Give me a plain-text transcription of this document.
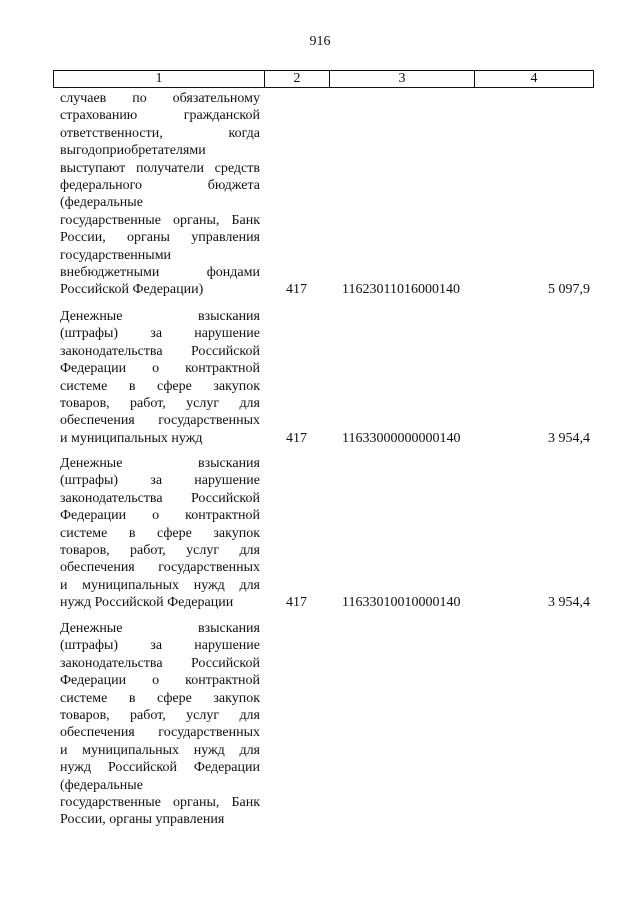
916
1	2	3	4
случаев по обязательному
страхованию гражданской
ответственности, когда
выгодоприобретателями
выступают получатели средств
федерального бюджета
(федеральные
государственные органы, Банк
России, органы управления
государственными
внебюджетными фондами
Российской Федерации)	417	11623011016000140	5 097,9
Денежные взыскания
(штрафы) за нарушение
законодательства Российской
Федерации о контрактной
системе в сфере закупок
товаров, работ, услуг для
обеспечения государственных
и муниципальных нужд	417	11633000000000140	3 954,4
Денежные взыскания
(штрафы) за нарушение
законодательства Российской
Федерации о контрактной
системе в сфере закупок
товаров, работ, услуг для
обеспечения государственных
и муниципальных нужд для
нужд Российской Федерации	417	11633010010000140	3 954,4
Денежные взыскания
(штрафы) за нарушение
законодательства Российской
Федерации о контрактной
системе в сфере закупок
товаров, работ, услуг для
обеспечения государственных
и муниципальных нужд для
нужд Российской Федерации
(федеральные
государственные органы, Банк
России, органы управления
